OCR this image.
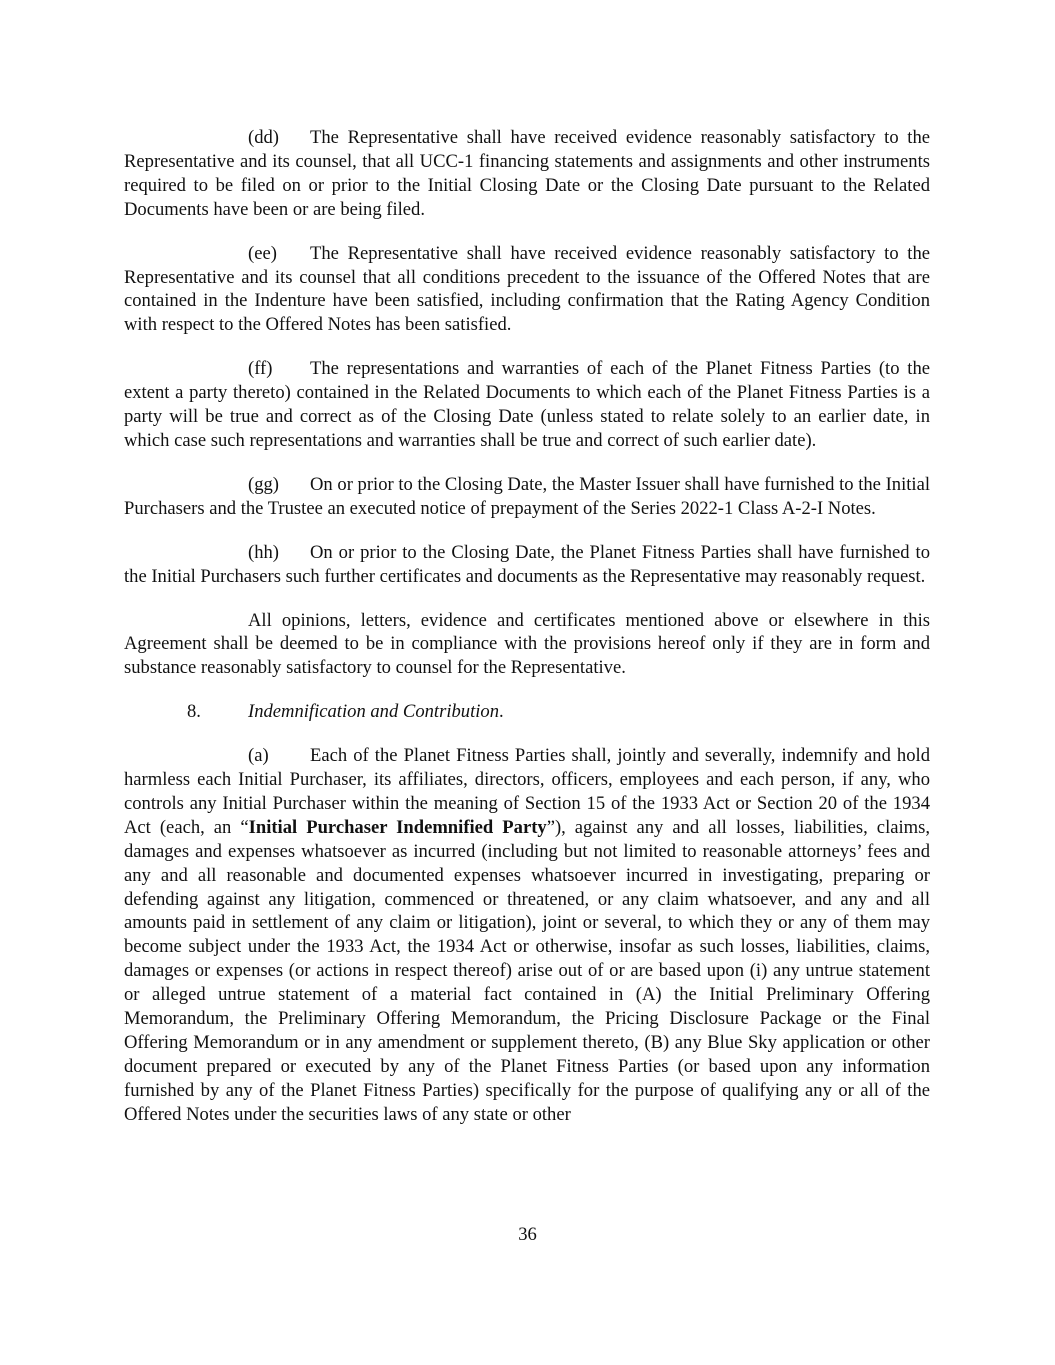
(dd) The Representative shall have received evidence reasonably satisfactory to the Representative and its counsel, that all UCC-1 financing statements and assignments and other instruments required to be filed on or prior to the Initial Closing Date or the Closing Date pursuant to the Related Documents have been or are being filed.

(ee) The Representative shall have received evidence reasonably satisfactory to the Representative and its counsel that all conditions precedent to the issuance of the Offered Notes that are contained in the Indenture have been satisfied, including confirmation that the Rating Agency Condition with respect to the Offered Notes has been satisfied.

(ff) The representations and warranties of each of the Planet Fitness Parties (to the extent a party thereto) contained in the Related Documents to which each of the Planet Fitness Parties is a party will be true and correct as of the Closing Date (unless stated to relate solely to an earlier date, in which case such representations and warranties shall be true and correct of such earlier date).

(gg) On or prior to the Closing Date, the Master Issuer shall have furnished to the Initial Purchasers and the Trustee an executed notice of prepayment of the Series 2022-1 Class A-2-I Notes.

(hh) On or prior to the Closing Date, the Planet Fitness Parties shall have furnished to the Initial Purchasers such further certificates and documents as the Representative may reasonably request.

All opinions, letters, evidence and certificates mentioned above or elsewhere in this Agreement shall be deemed to be in compliance with the provisions hereof only if they are in form and substance reasonably satisfactory to counsel for the Representative.

8.	Indemnification and Contribution.

(a) Each of the Planet Fitness Parties shall, jointly and severally, indemnify and hold harmless each Initial Purchaser, its affiliates, directors, officers, employees and each person, if any, who controls any Initial Purchaser within the meaning of Section 15 of the 1933 Act or Section 20 of the 1934 Act (each, an “Initial Purchaser Indemnified Party”), against any and all losses, liabilities, claims, damages and expenses whatsoever as incurred (including but not limited to reasonable attorneys’ fees and any and all reasonable and documented expenses whatsoever incurred in investigating, preparing or defending against any litigation, commenced or threatened, or any claim whatsoever, and any and all amounts paid in settlement of any claim or litigation), joint or several, to which they or any of them may become subject under the 1933 Act, the 1934 Act or otherwise, insofar as such losses, liabilities, claims, damages or expenses (or actions in respect thereof) arise out of or are based upon (i) any untrue statement or alleged untrue statement of a material fact contained in (A) the Initial Preliminary Offering Memorandum, the Preliminary Offering Memorandum, the Pricing Disclosure Package or the Final Offering Memorandum or in any amendment or supplement thereto, (B) any Blue Sky application or other document prepared or executed by any of the Planet Fitness Parties (or based upon any information furnished by any of the Planet Fitness Parties) specifically for the purpose of qualifying any or all of the Offered Notes under the securities laws of any state or other

36
